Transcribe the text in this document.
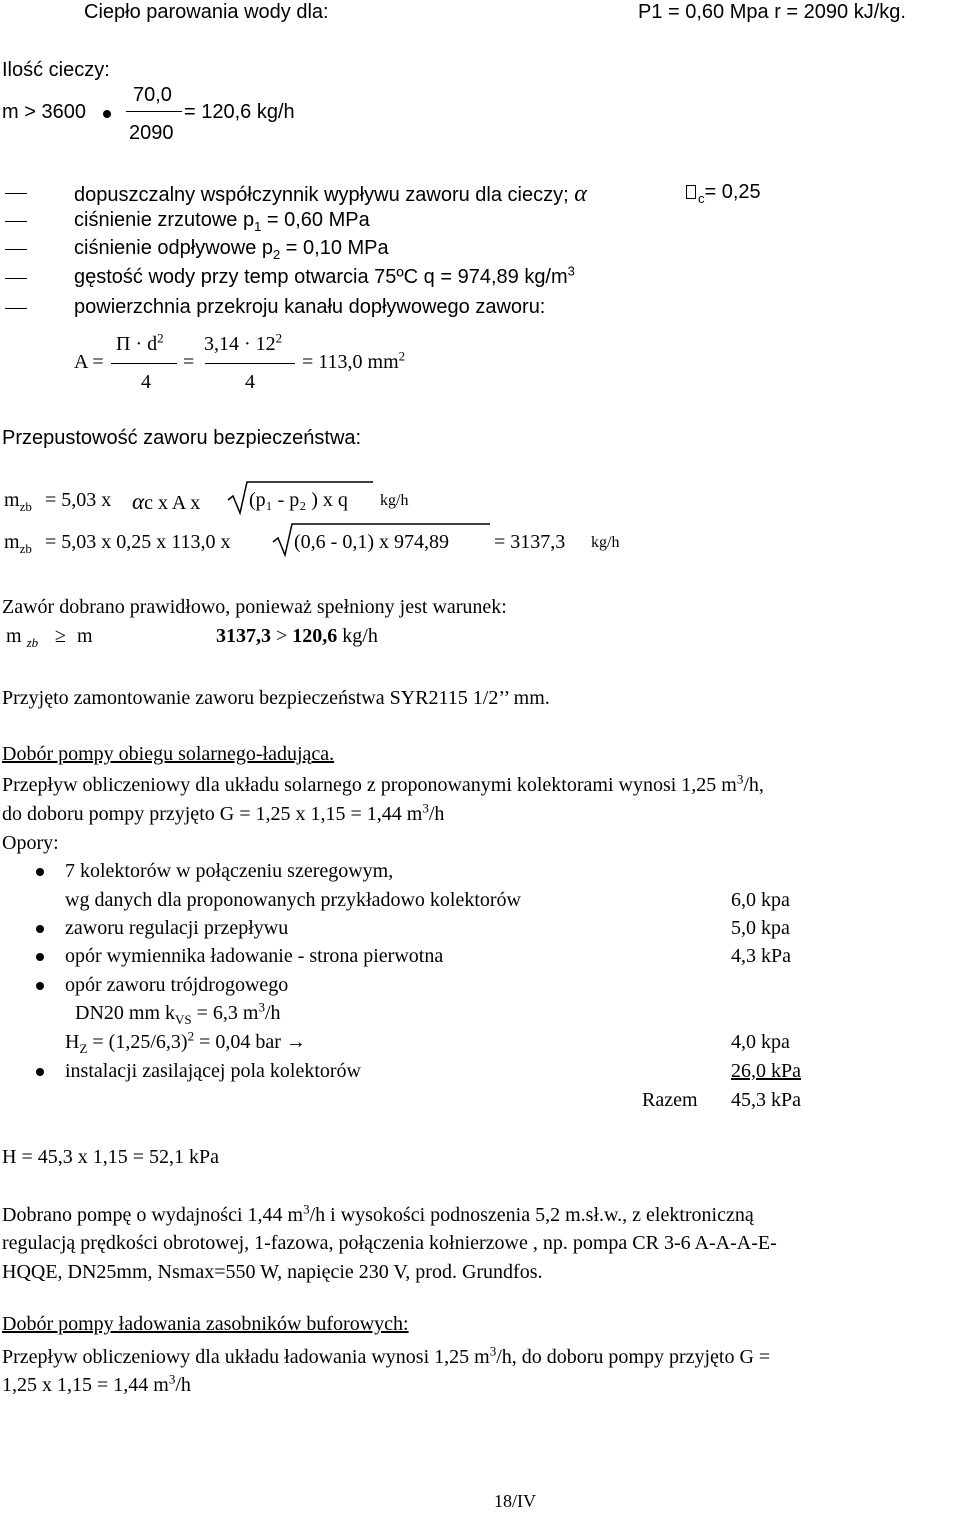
Ciepło parowania wody dla:	P1 = 0,60 Mpa r = 2090 kJ/kg.
Ilość cieczy:
m > 3600
70,0
2090
= 120,6 kg/h
dopuszczalny współczynnik wypływu zaworu dla cieczy; α	$_c$= 0,25
ciśnienie zrzutowe $p_1 = 0,60$ MPa
ciśnienie odpływowe $p_2 = 0,10$ MPa
gęstość wody przy temp otwarcia 75ºC q = 974,89 $kg/m^3$
powierzchnia przekroju kanału dopływowego zaworu:
A =
$\Pi \cdot d^2$
4
=
$3,14 \cdot 12^2$
4
= 113,0 $mm^2$
Przepustowość zaworu bezpieczeństwa:
$m_{zb} = 5,03$ x αc x A x (p₁ - p₂ ) x q kg/h
$m_{zb} = 5,03$ x 0,25 x 113,0 x	(0,6 - 0,1) x 974,89 = 3137,3 kg/h
Zawór dobrano prawidłowo, ponieważ spełniony jest warunek:
m $_{zb}$ ≥ m	3137,3 > 120,6 kg/h
Przyjęto zamontowanie zaworu bezpieczeństwa SYR2115 1/2’’ mm.
Dobór pompy obiegu solarnego-ładująca.
Przepływ obliczeniowy dla układu solarnego z proponowanymi kolektorami wynosi 1,25 $m^3/h$,
do doboru pompy przyjęto G = 1,25 x 1,15 = 1,44 $m^3/h$
Opory:
7 kolektorów w połączeniu szeregowym,
wg danych dla proponowanych przykładowo kolektorów	6,0 kpa
zaworu regulacji przepływu	5,0 kpa
opór wymiennika ładowanie - strona pierwotna	4,3 kPa
opór zaworu trójdrogowego
DN20 mm $k_{VS} = 6,3$ $m^3/h$
$H_Z = (1,25/6,3)^2 = 0,04$ bar →	4,0 kpa
instalacji zasilającej pola kolektorów	26,0 kPa
Razem 45,3 kPa
H = 45,3 x 1,15 = 52,1 kPa
Dobrano pompę o wydajności 1,44 $m^3/h$ i wysokości podnoszenia 5,2 m.sł.w., z elektroniczną
regulacją prędkości obrotowej, 1-fazowa, połączenia kołnierzowe , np. pompa CR 3-6 A-A-A-E-
HQQE, DN25mm, Nsmax=550 W, napięcie 230 V, prod. Grundfos.
Dobór pompy ładowania zasobników buforowych:
Przepływ obliczeniowy dla układu ładowania wynosi 1,25 $m^3/h$, do doboru pompy przyjęto G =
1,25 x 1,15 = 1,44 $m^3/h$
18/IV
